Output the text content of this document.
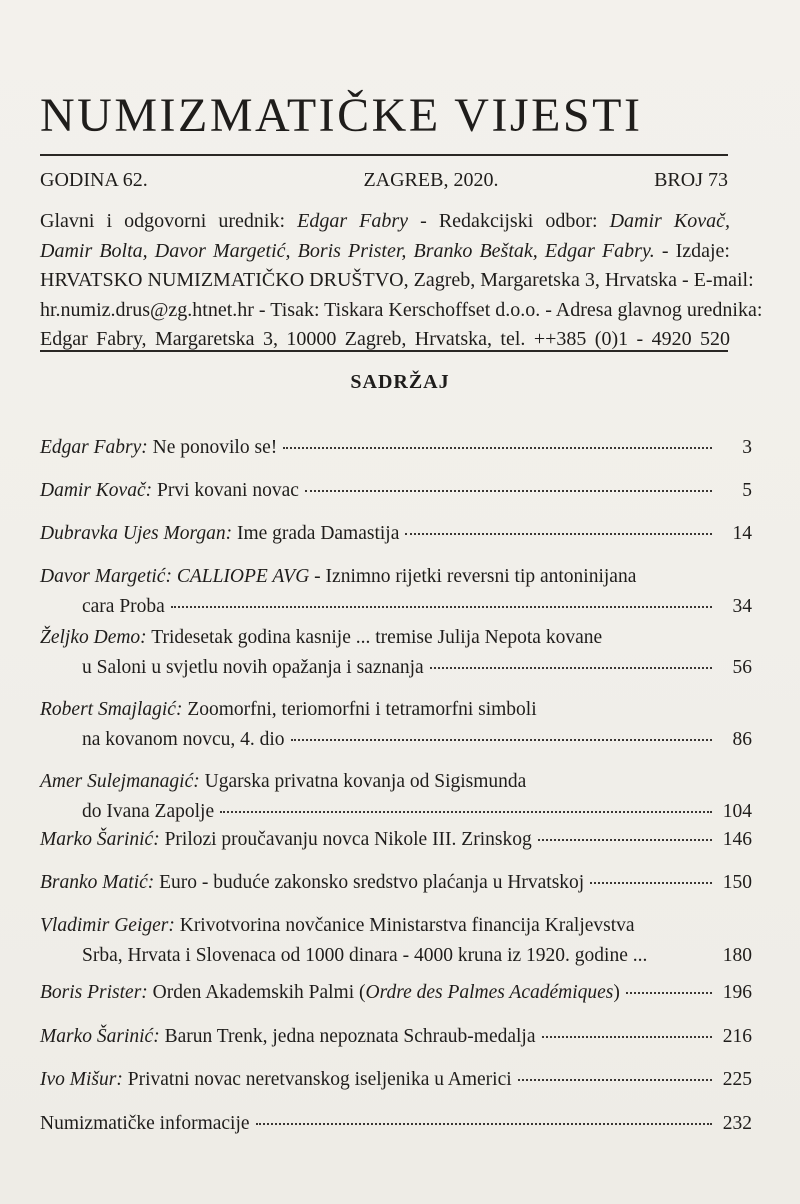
NUMIZMATIČKE VIJESTI
GODINA 62.	ZAGREB, 2020.	BROJ 73
Glavni i odgovorni urednik: Edgar Fabry - Redakcijski odbor: Damir Kovač,
Damir Bolta, Davor Margetić, Boris Prister, Branko Beštak, Edgar Fabry. - Izdaje:
HRVATSKO NUMIZMATIČKO DRUŠTVO, Zagreb, Margaretska 3, Hrvatska - E-mail:
hr.numiz.drus@zg.htnet.hr - Tisak: Tiskara Kerschoffset d.o.o. - Adresa glavnog urednika:
Edgar Fabry, Margaretska 3, 10000 Zagreb, Hrvatska, tel. ++385 (0)1 - 4920 520
SADRŽAJ
Edgar Fabry: Ne ponovilo se!	3
Damir Kovač: Prvi kovani novac	5
Dubravka Ujes Morgan: Ime grada Damastija	14
Davor Margetić: CALLIOPE AVG - Iznimno rijetki reversni tip antoninijana
cara Proba	34
Željko Demo: Tridesetak godina kasnije ... tremise Julija Nepota kovane
u Saloni u svjetlu novih opažanja i saznanja	56
Robert Smajlagić: Zoomorfni, teriomorfni i tetramorfni simboli
na kovanom novcu, 4. dio	86
Amer Sulejmanagić: Ugarska privatna kovanja od Sigismunda
do Ivana Zapolje	104
Marko Šarinić: Prilozi proučavanju novca Nikole III. Zrinskog	146
Branko Matić: Euro - buduće zakonsko sredstvo plaćanja u Hrvatskoj	150
Vladimir Geiger: Krivotvorina novčanice Ministarstva financija Kraljevstva
Srba, Hrvata i Slovenaca od 1000 dinara - 4000 kruna iz 1920. godine ...	180
Boris Prister: Orden Akademskih Palmi (Ordre des Palmes Académiques)	196
Marko Šarinić: Barun Trenk, jedna nepoznata Schraub-medalja	216
Ivo Mišur: Privatni novac neretvanskog iseljenika u Americi	225
Numizmatičke informacije	232
